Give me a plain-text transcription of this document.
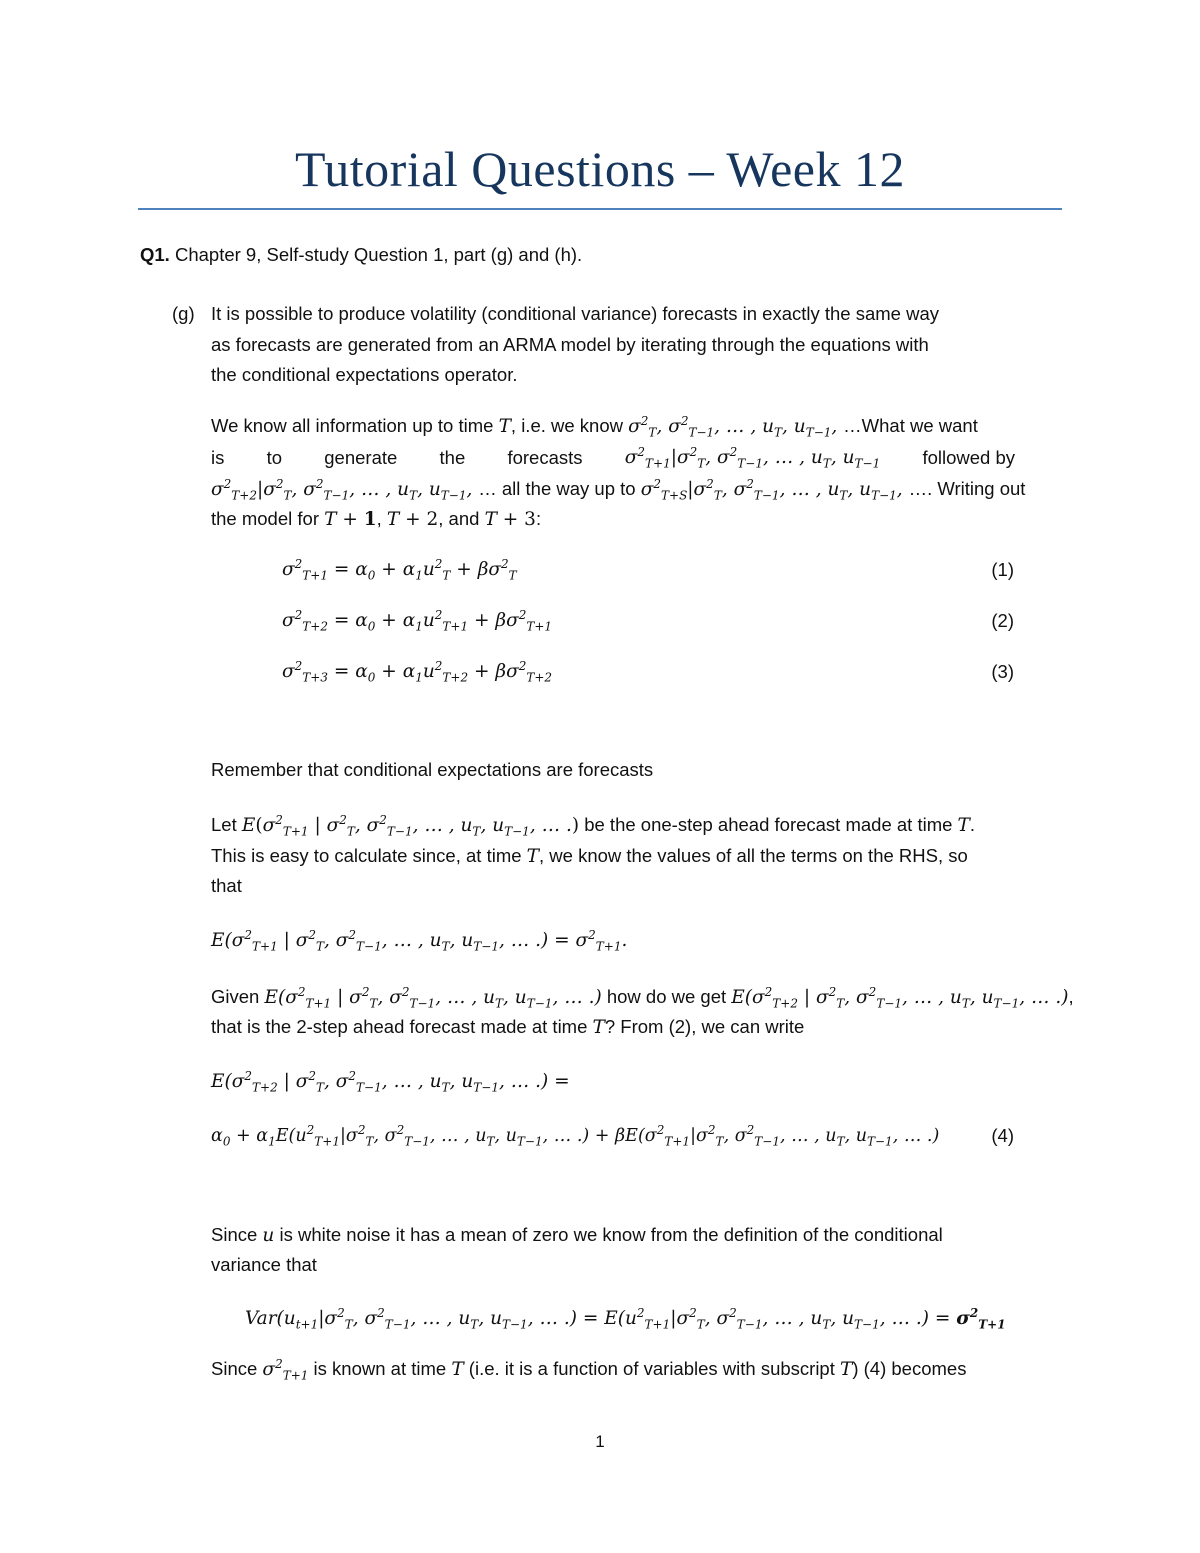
Tutorial Questions – Week 12
Q1. Chapter 9, Self-study Question 1, part (g) and (h).
(g) It is possible to produce volatility (conditional variance) forecasts in exactly the same way
as forecasts are generated from an ARMA model by iterating through the equations with
the conditional expectations operator.
We know all information up to time T, i.e. we know $\sigma^2_T$, $\sigma^2_{T-1}$, … , $u_T$, $u_{T-1}$, …What we want
is to generate the forecasts $\sigma^2_{T+1}|\sigma^2_T$, $\sigma^2_{T-1}$, … , $u_T$, $u_{T-1}$ followed by
$\sigma^2_{T+2}|\sigma^2_T$, $\sigma^2_{T-1}$, … , $u_T$, $u_{T-1}$, … all the way up to $\sigma^2_{T+S}|\sigma^2_T$, $\sigma^2_{T-1}$, … , $u_T$, $u_{T-1}$, …. Writing out
the model for T + 1, T + 2, and T + 3:
$\sigma^2_{T+1} = \alpha_0 + \alpha_1u^2_T + \beta\sigma^2_T$	(1)
$\sigma^2_{T+2} = \alpha_0 + \alpha_1u^2_{T+1} + \beta\sigma^2_{T+1}$	(2)
$\sigma^2_{T+3} = \alpha_0 + \alpha_1u^2_{T+2} + \beta\sigma^2_{T+2}$	(3)
Remember that conditional expectations are forecasts
Let $E(\sigma^2_{T+1}$ | $\sigma^2_T$, $\sigma^2_{T-1}$, … , $u_T$, $u_{T-1}$, … .) be the one-step ahead forecast made at time T.
This is easy to calculate since, at time T, we know the values of all the terms on the RHS, so
that
$E(\sigma^2_{T+1}$ | $\sigma^2_T$, $\sigma^2_{T-1}$, … , $u_T$, $u_{T-1}$, … .) = $\sigma^2_{T+1}$.
Given $E(\sigma^2_{T+1}$ | $\sigma^2_T$, $\sigma^2_{T-1}$, … , $u_T$, $u_{T-1}$, … .) how do we get $E(\sigma^2_{T+2}$ | $\sigma^2_T$, $\sigma^2_{T-1}$, … , $u_T$, $u_{T-1}$, … .),
that is the 2-step ahead forecast made at time T? From (2), we can write
$E(\sigma^2_{T+2}$ | $\sigma^2_T$, $\sigma^2_{T-1}$, … , $u_T$, $u_{T-1}$, … .) =
$\alpha_0 + \alpha_1E(u^2_{T+1}|\sigma^2_T$, $\sigma^2_{T-1}$, … , $u_T$, $u_{T-1}$, … .) + $\beta E(\sigma^2_{T+1}|\sigma^2_T$, $\sigma^2_{T-1}$, … , $u_T$, $u_{T-1}$, … .)	(4)
Since u is white noise it has a mean of zero we know from the definition of the conditional
variance that
$Var(u_{t+1}|\sigma^2_T$, $\sigma^2_{T-1}$, … , $u_T$, $u_{T-1}$, … .) = $E(u^2_{T+1}|\sigma^2_T$, $\sigma^2_{T-1}$, … , $u_T$, $u_{T-1}$, … .) = $\sigma^2_{T+1}$
Since $\sigma^2_{T+1}$ is known at time T (i.e. it is a function of variables with subscript T) (4) becomes
1
